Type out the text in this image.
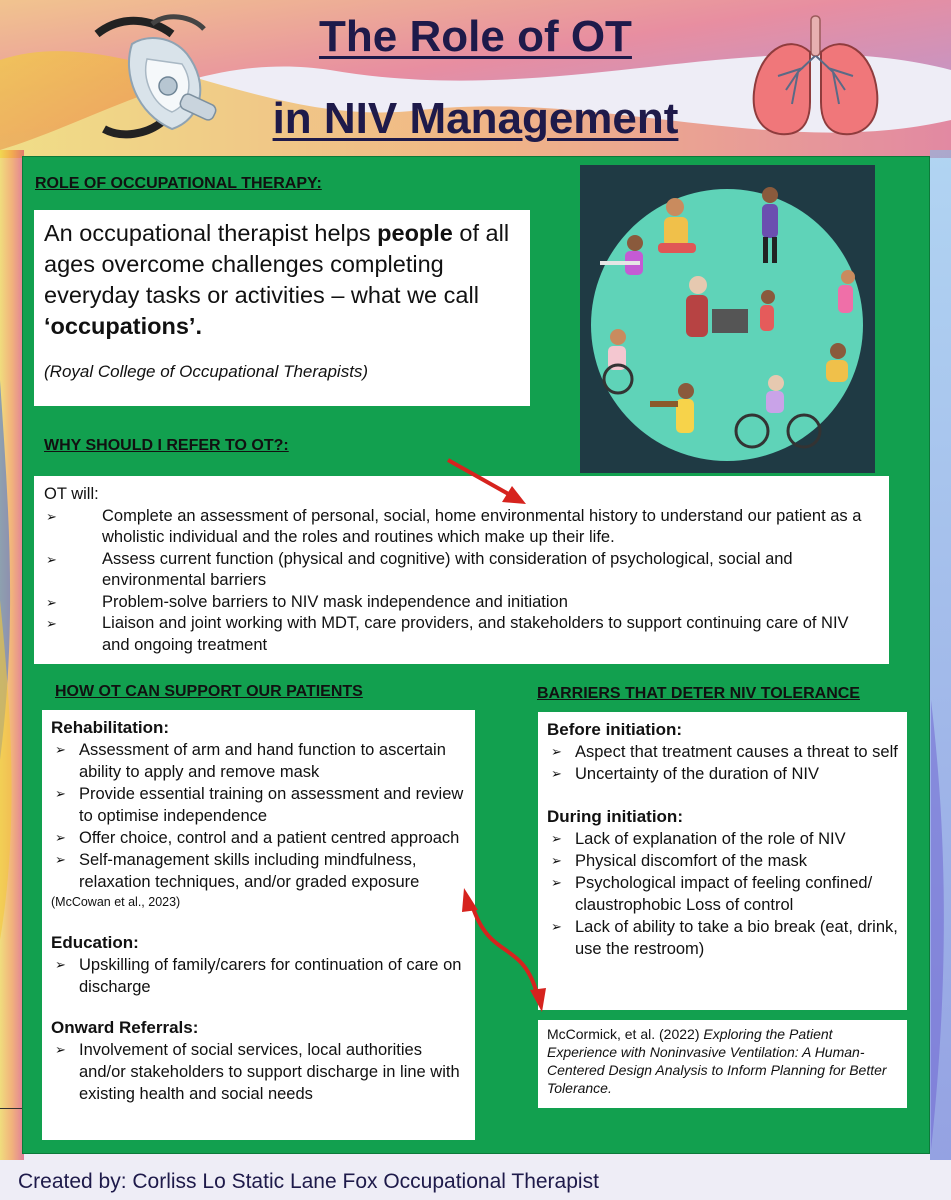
The Role of OT
in NIV Management
ROLE OF OCCUPATIONAL THERAPY:
An occupational therapist helps people of all ages overcome challenges completing everyday tasks or activities – what we call ‘occupations’.
(Royal College of Occupational Therapists)
WHY SHOULD I REFER TO OT?:
OT will:
➢	Complete an assessment of personal, social, home environmental history to understand our patient as a wholistic individual and the roles and routines which make up their life.
➢	Assess current function (physical and cognitive) with consideration of psychological, social and environmental barriers
➢	Problem-solve barriers to NIV mask independence and initiation
➢	Liaison and joint working with MDT, care providers, and stakeholders to support continuing care of NIV and ongoing treatment
HOW OT CAN SUPPORT OUR PATIENTS
Rehabilitation:
➢ Assessment of arm and hand function to ascertain ability to apply and remove mask
➢ Provide essential training on assessment and review to optimise independence
➢ Offer choice, control and a patient centred approach
➢ Self-management skills including mindfulness, relaxation techniques, and/or graded exposure
(McCowan et al., 2023)
Education:
➢ Upskilling of family/carers for continuation of care on discharge
Onward Referrals:
➢ Involvement of social services, local authorities and/or stakeholders to support discharge in line with existing health and social needs
BARRIERS THAT DETER NIV TOLERANCE
Before initiation:
➢ Aspect that treatment causes a threat to self
➢ Uncertainty of the duration of NIV
During initiation:
➢ Lack of explanation of the role of NIV
➢ Physical discomfort of the mask
➢ Psychological impact of feeling confined/ claustrophobic Loss of control
➢ Lack of ability to take a bio break (eat, drink, use the restroom)
McCormick, et al. (2022) Exploring the Patient Experience with Noninvasive Ventilation: A Human-Centered Design Analysis to Inform Planning for Better Tolerance.
Created by: Corliss Lo Static Lane Fox Occupational Therapist
